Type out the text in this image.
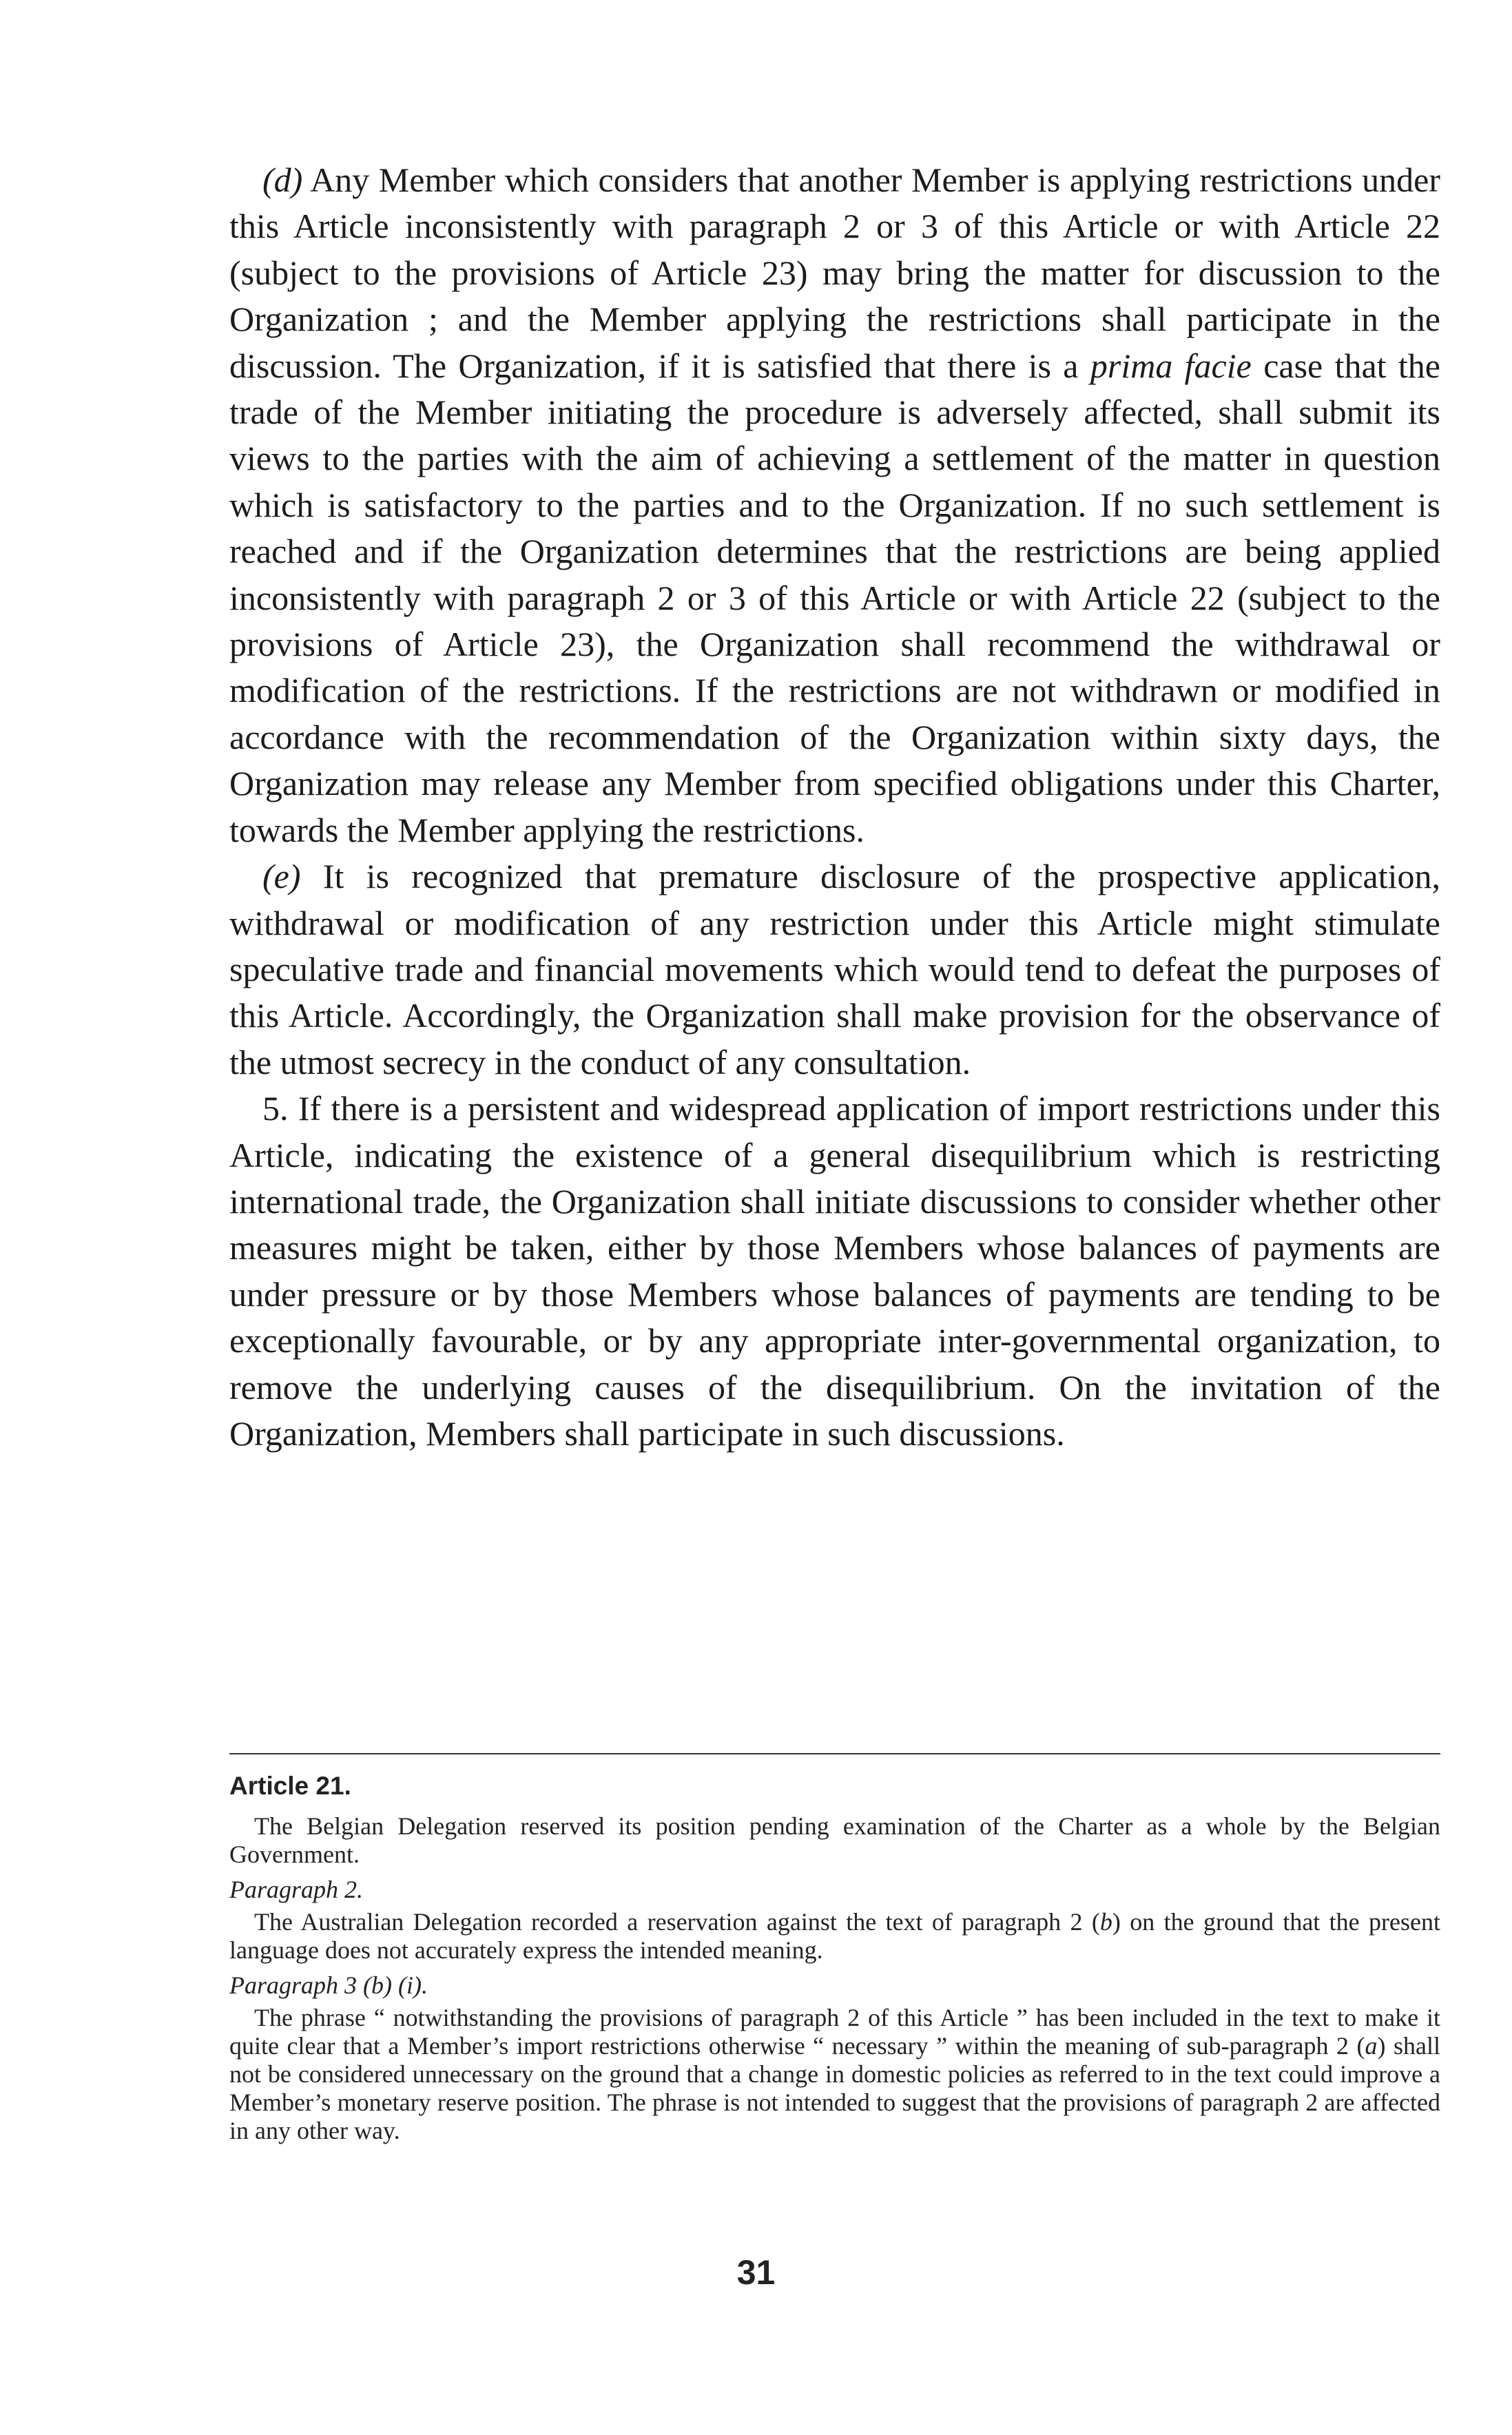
(d) Any Member which considers that another Member is applying restrictions under this Article inconsistently with paragraph 2 or 3 of this Article or with Article 22 (subject to the provisions of Article 23) may bring the matter for discussion to the Organization ; and the Member applying the restrictions shall participate in the discussion. The Organization, if it is satisfied that there is a prima facie case that the trade of the Member initiating the procedure is adversely affected, shall submit its views to the parties with the aim of achieving a settlement of the matter in question which is satisfactory to the parties and to the Organization. If no such settlement is reached and if the Organization determines that the restrictions are being applied inconsistently with paragraph 2 or 3 of this Article or with Article 22 (subject to the provisions of Article 23), the Organization shall recommend the withdrawal or modification of the restrictions. If the restrictions are not withdrawn or modified in accordance with the recommendation of the Organization within sixty days, the Organization may release any Member from specified obligations under this Charter, towards the Member applying the restrictions.

(e) It is recognized that premature disclosure of the prospective application, withdrawal or modification of any restriction under this Article might stimulate speculative trade and financial movements which would tend to defeat the purposes of this Article. Accordingly, the Organization shall make provision for the observance of the utmost secrecy in the conduct of any consultation.

5. If there is a persistent and widespread application of import restrictions under this Article, indicating the existence of a general disequilibrium which is restricting international trade, the Organization shall initiate discussions to consider whether other measures might be taken, either by those Members whose balances of payments are under pressure or by those Members whose balances of payments are tending to be exceptionally favourable, or by any appropriate inter-governmental organization, to remove the underlying causes of the disequilibrium. On the invitation of the Organization, Members shall participate in such discussions.

Article 21.

The Belgian Delegation reserved its position pending examination of the Charter as a whole by the Belgian Government.

Paragraph 2.

The Australian Delegation recorded a reservation against the text of paragraph 2 (b) on the ground that the present language does not accurately express the intended meaning.

Paragraph 3 (b) (i).

The phrase “ notwithstanding the provisions of paragraph 2 of this Article ” has been included in the text to make it quite clear that a Member’s import restrictions otherwise “ necessary ” within the meaning of sub-paragraph 2 (a) shall not be considered unnecessary on the ground that a change in domestic policies as referred to in the text could improve a Member’s monetary reserve position. The phrase is not intended to suggest that the provisions of paragraph 2 are affected in any other way.

31
